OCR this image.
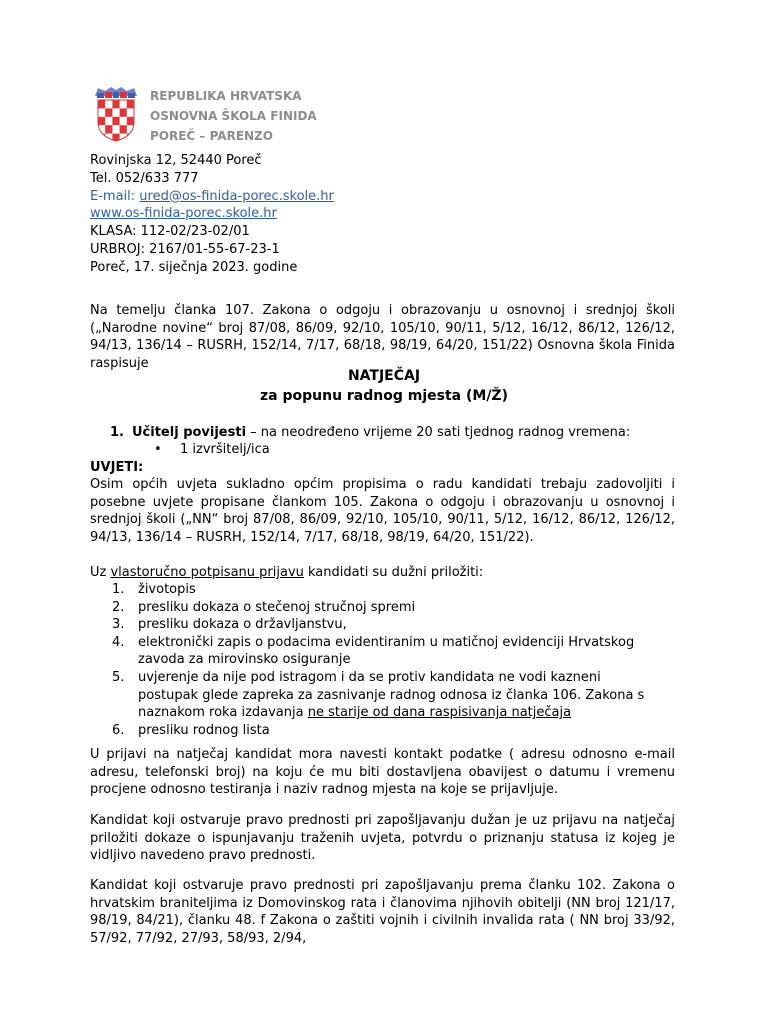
REPUBLIKA HRVATSKA
OSNOVNA ŠKOLA FINIDA
POREČ – PARENZO
Rovinjska 12, 52440 Poreč
Tel. 052/633 777
E-mail: ured@os-finida-porec.skole.hr
www.os-finida-porec.skole.hr
KLASA: 112-02/23-02/01
URBROJ: 2167/01-55-67-23-1
Poreč, 17. siječnja 2023. godine
Na temelju članka 107. Zakona o odgoju i obrazovanju u osnovnoj i srednjoj školi („Narodne novine“ broj 87/08, 86/09, 92/10, 105/10, 90/11, 5/12, 16/12, 86/12, 126/12, 94/13, 136/14 – RUSRH, 152/14, 7/17, 68/18, 98/19, 64/20, 151/22) Osnovna škola Finida raspisuje
NATJEČAJ
za popunu radnog mjesta (M/Ž)
1. Učitelj povijesti – na neodređeno vrijeme 20 sati tjednog radnog vremena:
• 1 izvršitelj/ica
UVJETI:
Osim općih uvjeta sukladno općim propisima o radu kandidati trebaju zadovoljiti i posebne uvjete propisane člankom 105. Zakona o odgoju i obrazovanju u osnovnoj i srednjoj školi („NN“ broj 87/08, 86/09, 92/10, 105/10, 90/11, 5/12, 16/12, 86/12, 126/12, 94/13, 136/14 – RUSRH, 152/14, 7/17, 68/18, 98/19, 64/20, 151/22).
Uz vlastoručno potpisanu prijavu kandidati su dužni priložiti:
1. životopis
2. presliku dokaza o stečenoj stručnoj spremi
3. presliku dokaza o državljanstvu,
4. elektronički zapis o podacima evidentiranim u matičnoj evidenciji Hrvatskog zavoda za mirovinsko osiguranje
5. uvjerenje da nije pod istragom i da se protiv kandidata ne vodi kazneni postupak glede zapreka za zasnivanje radnog odnosa iz članka 106. Zakona s naznakom roka izdavanja ne starije od dana raspisivanja natječaja
6. presliku rodnog lista
U prijavi na natječaj kandidat mora navesti kontakt podatke ( adresu odnosno e-mail adresu, telefonski broj) na koju će mu biti dostavljena obavijest o datumu i vremenu procjene odnosno testiranja i naziv radnog mjesta na koje se prijavljuje.
Kandidat koji ostvaruje pravo prednosti pri zapošljavanju dužan je uz prijavu na natječaj priložiti dokaze o ispunjavanju traženih uvjeta, potvrdu o priznanju statusa iz kojeg je vidljivo navedeno pravo prednosti.
Kandidat koji ostvaruje pravo prednosti pri zapošljavanju prema članku 102. Zakona o hrvatskim braniteljima iz Domovinskog rata i članovima njihovih obitelji (NN broj 121/17, 98/19, 84/21), članku 48. f Zakona o zaštiti vojnih i civilnih invalida rata ( NN broj 33/92, 57/92, 77/92, 27/93, 58/93, 2/94,
